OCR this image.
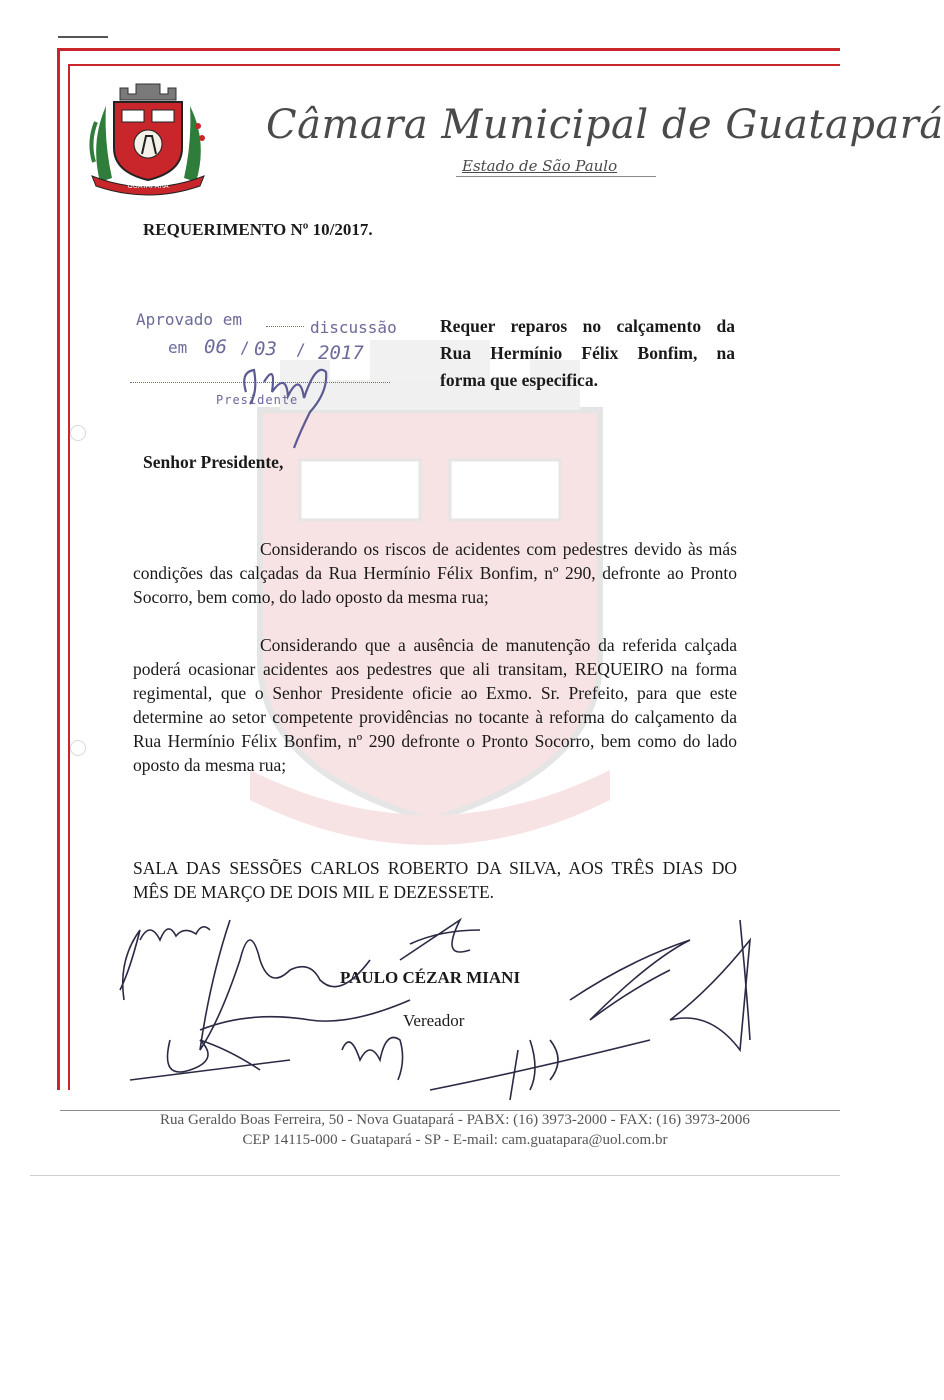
GUATAPARÁ
Câmara Municipal de Guatapará
Estado de São Paulo
REQUERIMENTO Nº 10/2017.
Aprovado em	discussão
em 06 / 03 / 2017
Presidente
Requer reparos no calçamento da
Rua Hermínio Félix Bonfim, na
forma que especifica.
Senhor Presidente,
Considerando os riscos de acidentes com pedestres devido às más condições das calçadas da Rua Hermínio Félix Bonfim, nº 290, defronte ao Pronto Socorro, bem como, do lado oposto da mesma rua;
Considerando que a ausência de manutenção da referida calçada poderá ocasionar acidentes aos pedestres que ali transitam, REQUEIRO na forma regimental, que o Senhor Presidente oficie ao Exmo. Sr. Prefeito, para que este determine ao setor competente providências no tocante à reforma do calçamento da Rua Hermínio Félix Bonfim, nº 290 defronte o Pronto Socorro, bem como do lado oposto da mesma rua;
SALA DAS SESSÕES CARLOS ROBERTO DA SILVA, AOS TRÊS DIAS DO MÊS DE MARÇO DE DOIS MIL E DEZESSETE.
PAULO CÉZAR MIANI
Vereador
Rua Geraldo Boas Ferreira, 50 - Nova Guatapará - PABX: (16) 3973-2000 - FAX: (16) 3973-2006
CEP 14115-000 - Guatapará - SP - E-mail: cam.guatapara@uol.com.br
